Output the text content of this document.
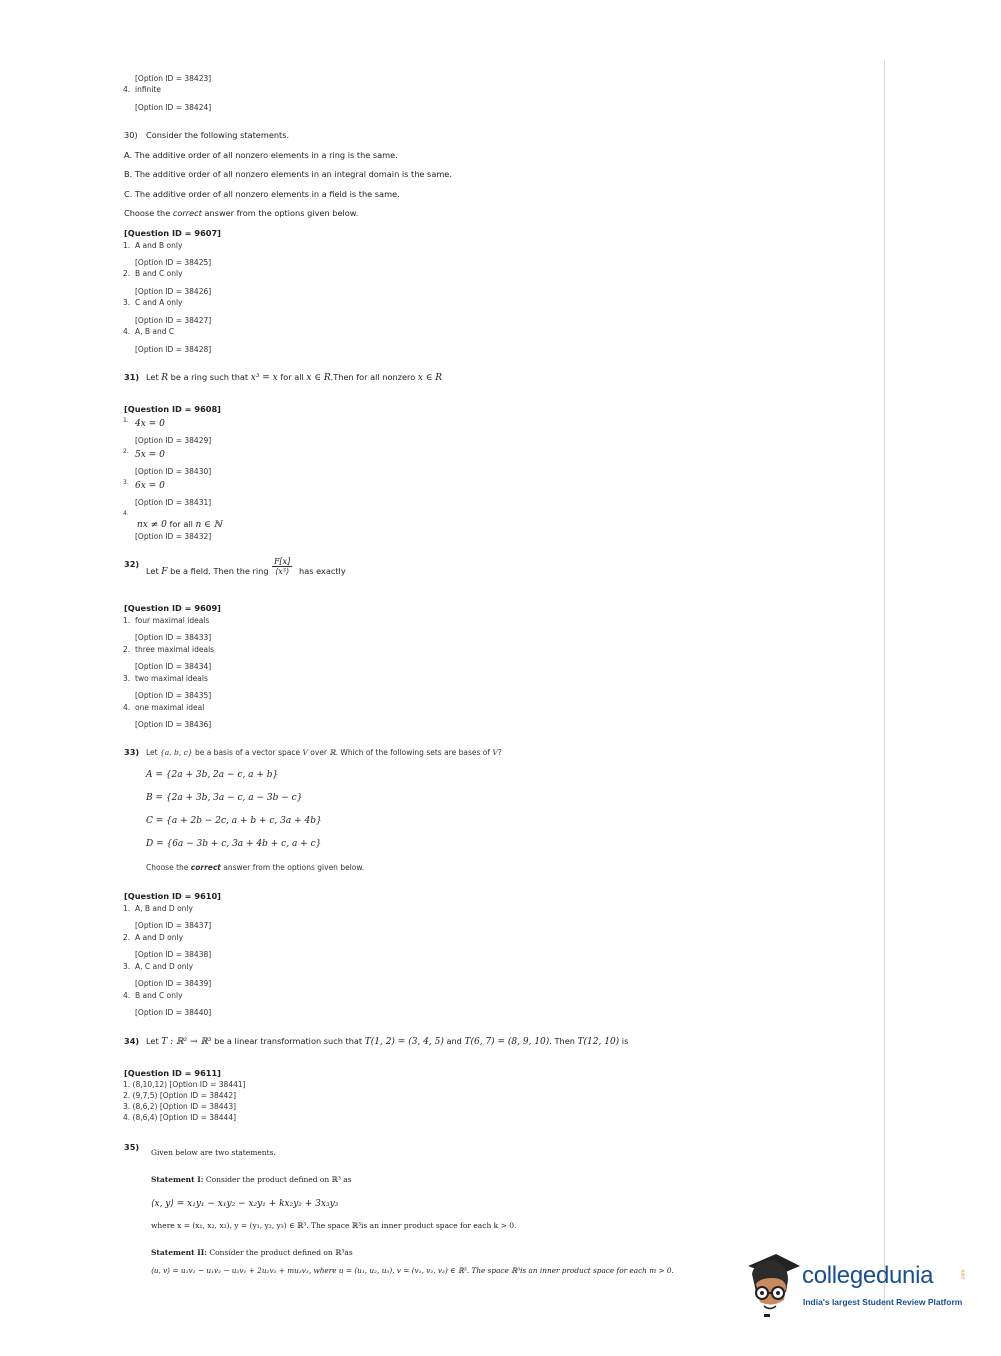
[Option ID = 38423]
4. infinite
[Option ID = 38424]
30) Consider the following statements.
A. The additive order of all nonzero elements in a ring is the same.
B. The additive order of all nonzero elements in an integral domain is the same.
C. The additive order of all nonzero elements in a field is the same.
Choose the correct answer from the options given below.
[Question ID = 9607]
1. A and B only
[Option ID = 38425]
2. B and C only
[Option ID = 38426]
3. C and A only
[Option ID = 38427]
4. A, B and C
[Option ID = 38428]
31) Let R be a ring such that x³ = x for all x ∈ R.Then for all nonzero x ∈ R
[Question ID = 9608]
1. 4x = 0
[Option ID = 38429]
2. 5x = 0
[Option ID = 38430]
3. 6x = 0
[Option ID = 38431]
4.
nx ≠ 0 for all n ∈ ℕ
[Option ID = 38432]
32)
Let F be a field. Then the ring $\frac{F[x]}{\text{⟨x³⟩}}$ has exactly
[Question ID = 9609]
1. four maximal ideals
[Option ID = 38433]
2. three maximal ideals
[Option ID = 38434]
3. two maximal ideals
[Option ID = 38435]
4. one maximal ideal
[Option ID = 38436]
33) Let {a, b, c} be a basis of a vector space V over ℝ. Which of the following sets are bases of V?
A = {2a + 3b, 2a − c, a + b}
B = {2a + 3b, 3a − c, a − 3b − c}
C = {a + 2b − 2c, a + b + c, 3a + 4b}
D = {6a − 3b + c, 3a + 4b + c, a + c}
Choose the correct answer from the options given below.
[Question ID = 9610]
1. A, B and D only
[Option ID = 38437]
2. A and D only
[Option ID = 38438]
3. A, C and D only
[Option ID = 38439]
4. B and C only
[Option ID = 38440]
34) Let T : ℝ² → ℝ³ be a linear transformation such that T(1, 2) = (3, 4, 5) and T(6, 7) = (8, 9, 10). Then T(12, 10) is
[Question ID = 9611]
1. (8,10,12) [Option ID = 38441]
2. (9,7,5) [Option ID = 38442]
3. (8,6,2) [Option ID = 38443]
4. (8,6,4) [Option ID = 38444]
35)
Given below are two statements.
Statement I: Consider the product defined on ℝ³ as
⟨x, y⟩ = x₁y₁ − x₁y₂ − x₂y₁ + kx₂y₂ + 3x₃y₃
where x = (x₁, x₂, x₃), y = (y₁, y₂, y₃) ∈ ℝ³. The space ℝ³is an inner product space for each k > 0.
Statement II: Consider the product defined on ℝ³as
⟨u, v⟩ = u₁v₁ − u₁v₂ − u₂v₁ + 2u₂v₂ + mu₃v₃, where u = (u₁, u₂, u₃), v = (v₁, v₂, v₃) ∈ ℝ³. The space ℝ³is an inner product space for each m > 0.	collegedunia	.com
India's largest Student Review Platform
